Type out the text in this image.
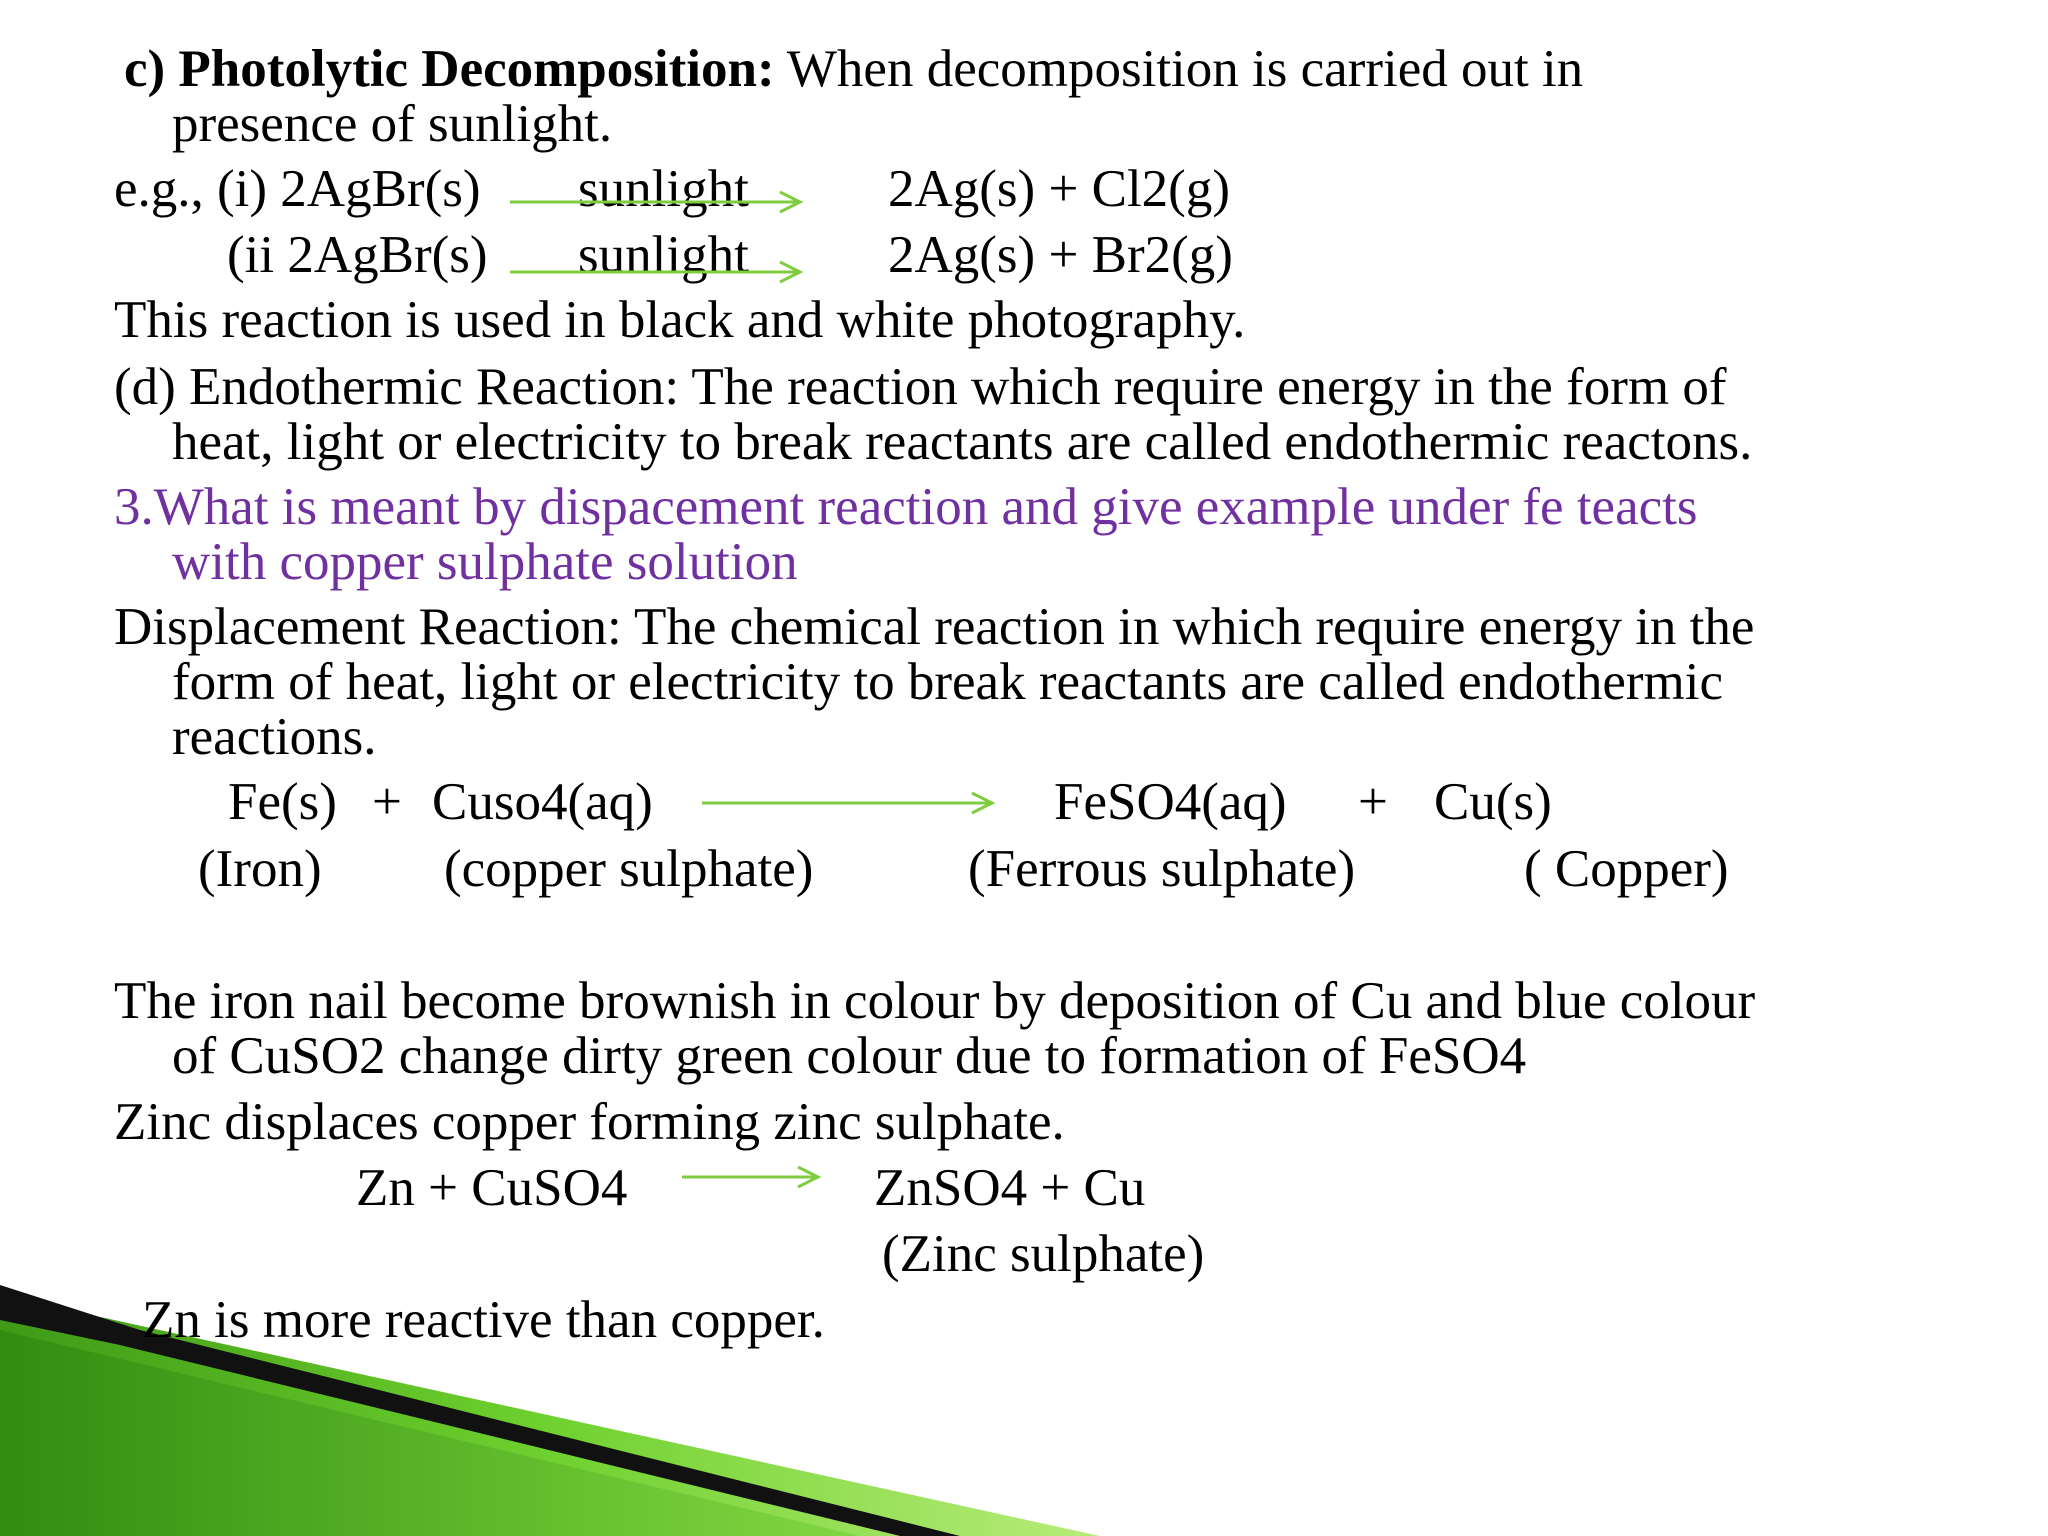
c) Photolytic Decomposition: When decomposition is carried out in
presence of sunlight.
e.g., (i) 2AgBr(s) sunlight	2Ag(s) + Cl2(g)
(ii 2AgBr(s) sunlight	2Ag(s) + Br2(g)
This reaction is used in black and white photography.
(d) Endothermic Reaction: The reaction which require energy in the form of
heat, light or electricity to break reactants are called endothermic reactons.
3.What is meant by dispacement reaction and give example under fe teacts
with copper sulphate solution
Displacement Reaction: The chemical reaction in which require energy in the
form of heat, light or electricity to break reactants are called endothermic
reactions.
Fe(s) + Cuso4(aq)	FeSO4(aq) + Cu(s)
(Iron) (copper sulphate)	(Ferrous sulphate)	( Copper)
The iron nail become brownish in colour by deposition of Cu and blue colour
of CuSO2 change dirty green colour due to formation of FeSO4
Zinc displaces copper forming zinc sulphate.
Zn + CuSO4	ZnSO4 + Cu
(Zinc sulphate)
Zn is more reactive than copper.
